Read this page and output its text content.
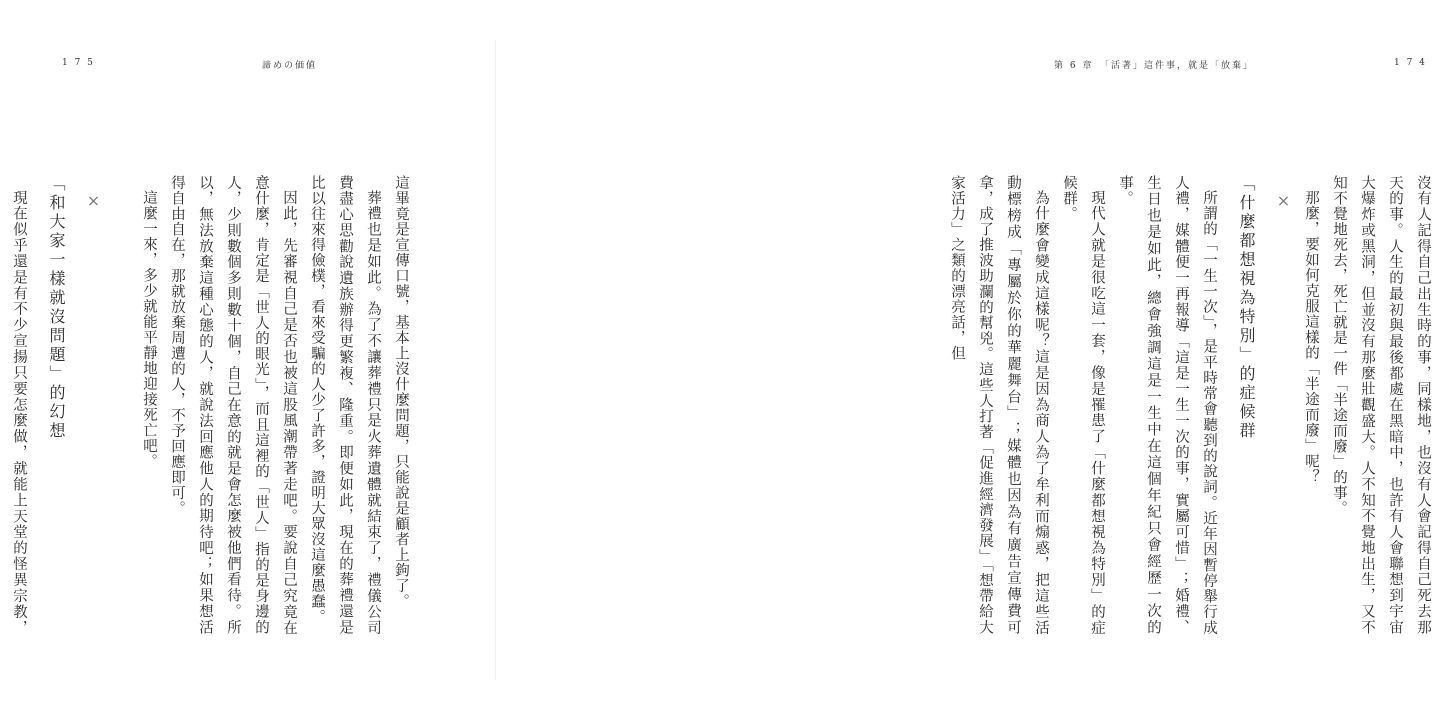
1 7 5	諦めの価値

這畢竟是宣傳口號，基本上沒什麼問題，只能說是顧者上鉤了。

葬禮也是如此。為了不讓葬禮只是火葬遺體就結束了，禮儀公司費盡心思勸說遺族辦得更繁複、隆重。即便如此，現在的葬禮還是比以往來得儉樸，看來受騙的人少了許多，證明大眾沒這麼愚蠢。

因此，先審視自己是否也被這股風潮帶著走吧。要說自己究竟在意什麼，肯定是「世人的眼光」，而且這裡的「世人」指的是身邊的人，少則數個多則數十個，自己在意的就是會怎麼被他們看待。所以，無法放棄這種心態的人，就說法回應他人的期待吧；如果想活得自由自在，那就放棄周遭的人，不予回應即可。

這麼一來，多少就能平靜地迎接死亡吧。

×

「和大家一樣就沒問題」的幻想

現在似乎還是有不少宣揚只要怎麼做，就能上天堂的怪異宗教，

第 6 章　「活著」這件事，就是「放棄」	1 7 4

沒有人記得自己出生時的事，同樣地，也沒有人會記得自己死去那天的事。人生的最初與最後都處在黑暗中，也許有人會聯想到宇宙大爆炸或黑洞，但並沒有那麼壯觀盛大。人不知不覺地出生，又不知不覺地死去，死亡就是一件「半途而廢」的事。

那麼，要如何克服這樣的「半途而廢」呢？

×

「什麼都想視為特別」的症候群

所謂的「一生一次」，是平時常會聽到的說詞。近年因暫停舉行成人禮，媒體便一再報導「這是一生一次的事，實屬可惜」；婚禮、生日也是如此，總會強調這是一生中在這個年紀只會經歷一次的事。

現代人就是很吃這一套，像是罹患了「什麼都想視為特別」的症候群。

為什麼會變成這樣呢？這是因為商人為了牟利而煽惑，把這些活動標榜成「專屬於你的華麗舞台」；媒體也因為有廣告宣傳費可拿，成了推波助瀾的幫兇。這些人打著「促進經濟發展」「想帶給大家活力」之類的漂亮話，但
